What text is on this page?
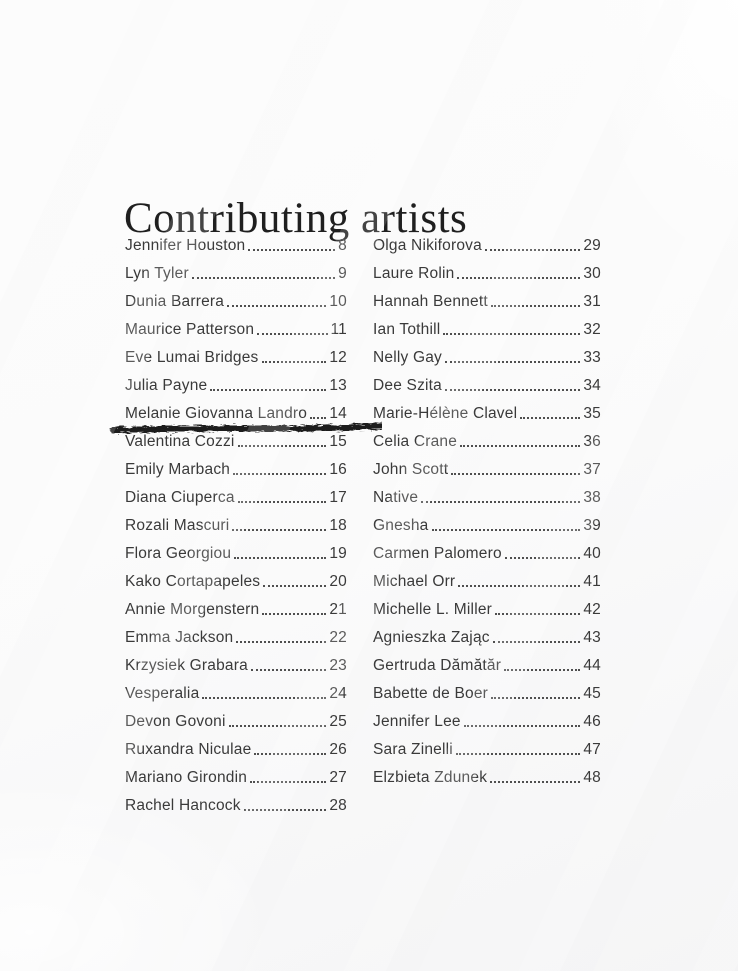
Contributing artists
Jennifer Houston	8
Lyn Tyler	9
Dunia Barrera	10
Maurice Patterson	11
Eve Lumai Bridges	12
Julia Payne	13
Melanie Giovanna Landro 14
Valentina Cozzi	15
Emily Marbach	16
Diana Ciuperca	17
Rozali Mascuri	18
Flora Georgiou	19
Kako Cortapapeles	20
Annie Morgenstern	21
Emma Jackson	22
Krzysiek Grabara	23
Vesperalia	24
Devon Govoni	25
Ruxandra Niculae	26
Mariano Girondin	27
Rachel Hancock	28
Olga Nikiforova	29
Laure Rolin	30
Hannah Bennett	31
Ian Tothill	32
Nelly Gay	33
Dee Szita	34
Marie-Hélène Clavel	35
Celia Crane	36
John Scott	37
Native	38
Gnesha	39
Carmen Palomero	40
Michael Orr	41
Michelle L. Miller	42
Agnieszka Zając	43
Gertruda Dămătăr	44
Babette de Boer	45
Jennifer Lee	46
Sara Zinelli	47
Elzbieta Zdunek	48
